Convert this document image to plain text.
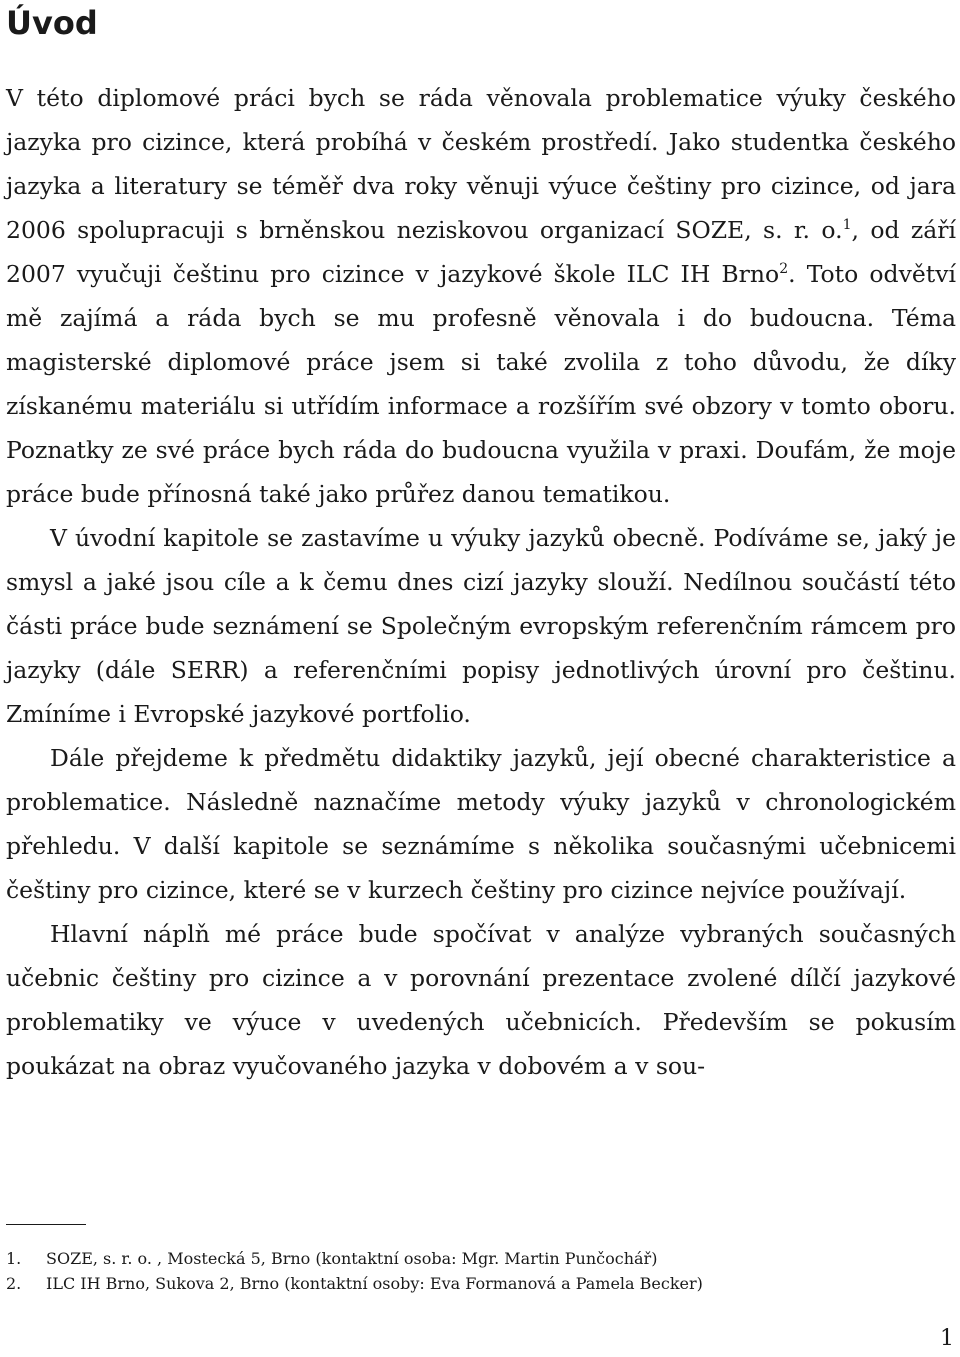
Úvod

V této diplomové práci bych se ráda věnovala problematice výuky českého jazyka pro cizince, která probíhá v českém prostředí. Jako studentka českého jazyka a literatury se téměř dva roky věnuji výuce češtiny pro cizince, od jara 2006 spolupracuji s brněnskou neziskovou organizací SOZE, s. r. o.$^1$, od září 2007 vyučuji češtinu pro cizince v jazykové škole ILC IH Brno$^2$. Toto odvětví mě zajímá a ráda bych se mu profesně věnovala i do budoucna. Téma magisterské diplomové práce jsem si také zvolila z toho důvodu, že díky získanému materiálu si utřídím informace a rozšířím své obzory v tomto oboru. Poznatky ze své práce bych ráda do budoucna využila v praxi. Doufám, že moje práce bude přínosná také jako průřez danou tematikou.

V úvodní kapitole se zastavíme u výuky jazyků obecně. Podíváme se, jaký je smysl a jaké jsou cíle a k čemu dnes cizí jazyky slouží. Nedílnou součástí této části práce bude seznámení se Společným evropským referenčním rámcem pro jazyky (dále SERR) a referenčními popisy jednotlivých úrovní pro češtinu. Zmíníme i Evropské jazykové portfolio.

Dále přejdeme k předmětu didaktiky jazyků, její obecné charakteristice a problematice. Následně naznačíme metody výuky jazyků v chronologickém přehledu. V další kapitole se seznámíme s několika současnými učebnicemi češtiny pro cizince, které se v kurzech češtiny pro cizince nejvíce používají.

Hlavní náplň mé práce bude spočívat v analýze vybraných současných učebnic češtiny pro cizince a v porovnání prezentace zvolené dílčí jazykové problematiky ve výuce v uvedených učebnicích. Především se pokusím poukázat na obraz vyučovaného jazyka v dobovém a v sou-

1.	SOZE, s. r. o. , Mostecká 5, Brno (kontaktní osoba: Mgr. Martin Punčochář)
2.	ILC IH Brno, Sukova 2, Brno (kontaktní osoby: Eva Formanová a Pamela Becker)
1
